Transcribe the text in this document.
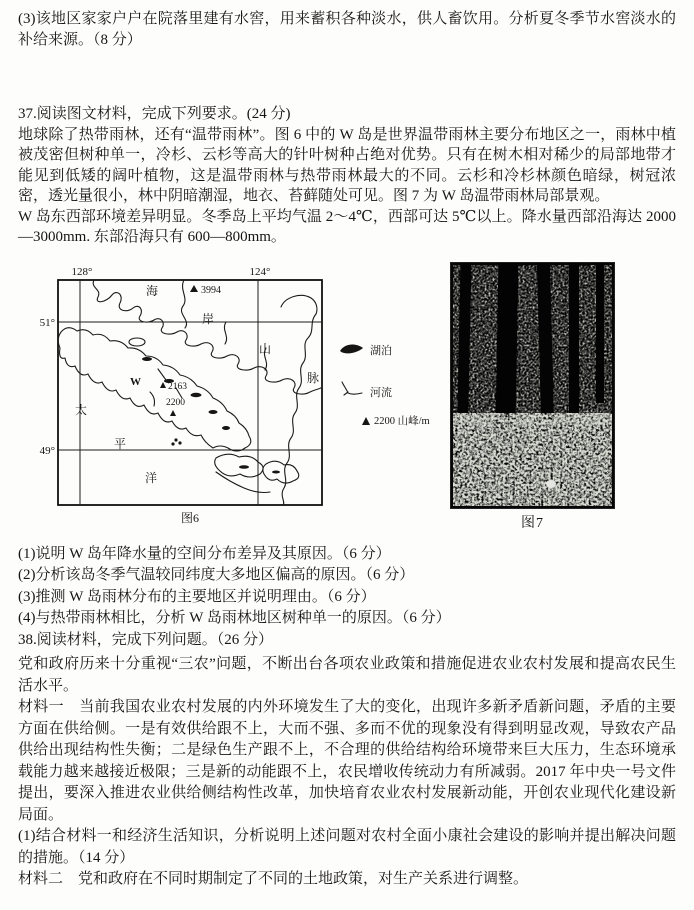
(3)该地区家家户户在院落里建有水窖，用来蓄积各种淡水，供人畜饮用。分析夏冬季节水窖淡水的补给来源。（8 分）

37.阅读图文材料，完成下列要求。(24 分)

地球除了热带雨林，还有“温带雨林”。图 6 中的 W 岛是世界温带雨林主要分布地区之一，雨林中植被茂密但树种单一，冷杉、云杉等高大的针叶树种占绝对优势。只有在树木相对稀少的局部地带才能见到低矮的阔叶植物，这是温带雨林与热带雨林最大的不同。云杉和冷杉林颜色暗绿，树冠浓密，透光量很小，林中阴暗潮湿，地衣、苔藓随处可见。图 7 为 W 岛温带雨林局部景观。

W 岛东西部环境差异明显。冬季岛上平均气温 2～4℃，西部可达 5℃以上。降水量西部沿海达 2000—3000mm. 东部沿海只有 600—800mm。

128°	124°
51°
49°
3994
2163
2200
海
岸
山
脉
W
太
平
洋
湖泊
河流
2200 山峰/m
图6	图7

(1)说明 W 岛年降水量的空间分布差异及其原因。（6 分）

(2)分析该岛冬季气温较同纬度大多地区偏高的原因。（6 分）

(3)推测 W 岛雨林分布的主要地区并说明理由。（6 分）

(4)与热带雨林相比，分析 W 岛雨林地区树种单一的原因。（6 分）

38.阅读材料，完成下列问题。（26 分）

党和政府历来十分重视“三农”问题，不断出台各项农业政策和措施促进农业农村发展和提高农民生活水平。

材料一　当前我国农业农村发展的内外环境发生了大的变化，出现许多新矛盾新问题，矛盾的主要方面在供给侧。一是有效供给跟不上，大而不强、多而不优的现象没有得到明显改观，导致农产品供给出现结构性失衡；二是绿色生产跟不上，不合理的供给结构给环境带来巨大压力，生态环境承载能力越来越接近极限；三是新的动能跟不上，农民增收传统动力有所减弱。2017 年中央一号文件提出，要深入推进农业供给侧结构性改革，加快培育农业农村发展新动能，开创农业现代化建设新局面。

(1)结合材料一和经济生活知识，分析说明上述问题对农村全面小康社会建设的影响并提出解决问题的措施。（14 分）

材料二　党和政府在不同时期制定了不同的土地政策，对生产关系进行调整。
